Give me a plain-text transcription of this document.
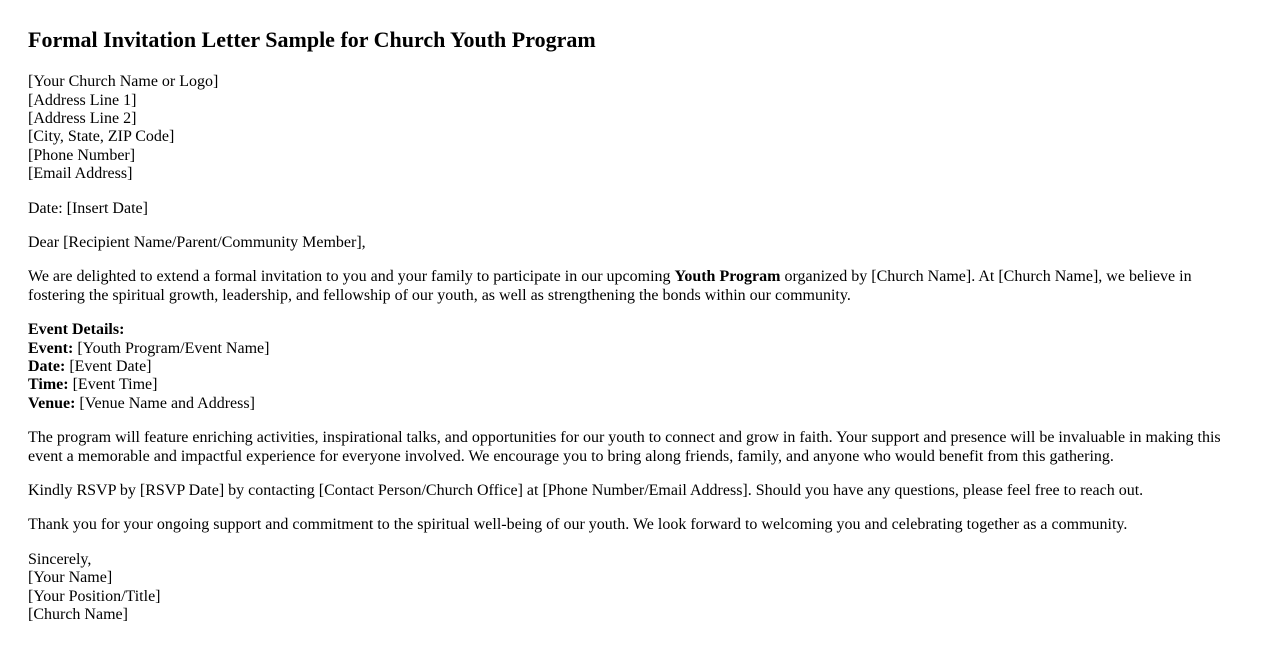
Formal Invitation Letter Sample for Church Youth Program

[Your Church Name or Logo]
[Address Line 1]
[Address Line 2]
[City, State, ZIP Code]
[Phone Number]
[Email Address]

Date: [Insert Date]

Dear [Recipient Name/Parent/Community Member],

We are delighted to extend a formal invitation to you and your family to participate in our upcoming Youth Program organized by [Church Name]. At [Church Name], we believe in fostering the spiritual growth, leadership, and fellowship of our youth, as well as strengthening the bonds within our community.

Event Details:
Event: [Youth Program/Event Name]
Date: [Event Date]
Time: [Event Time]
Venue: [Venue Name and Address]

The program will feature enriching activities, inspirational talks, and opportunities for our youth to connect and grow in faith. Your support and presence will be invaluable in making this event a memorable and impactful experience for everyone involved. We encourage you to bring along friends, family, and anyone who would benefit from this gathering.

Kindly RSVP by [RSVP Date] by contacting [Contact Person/Church Office] at [Phone Number/Email Address]. Should you have any questions, please feel free to reach out.

Thank you for your ongoing support and commitment to the spiritual well-being of our youth. We look forward to welcoming you and celebrating together as a community.

Sincerely,
[Your Name]
[Your Position/Title]
[Church Name]
